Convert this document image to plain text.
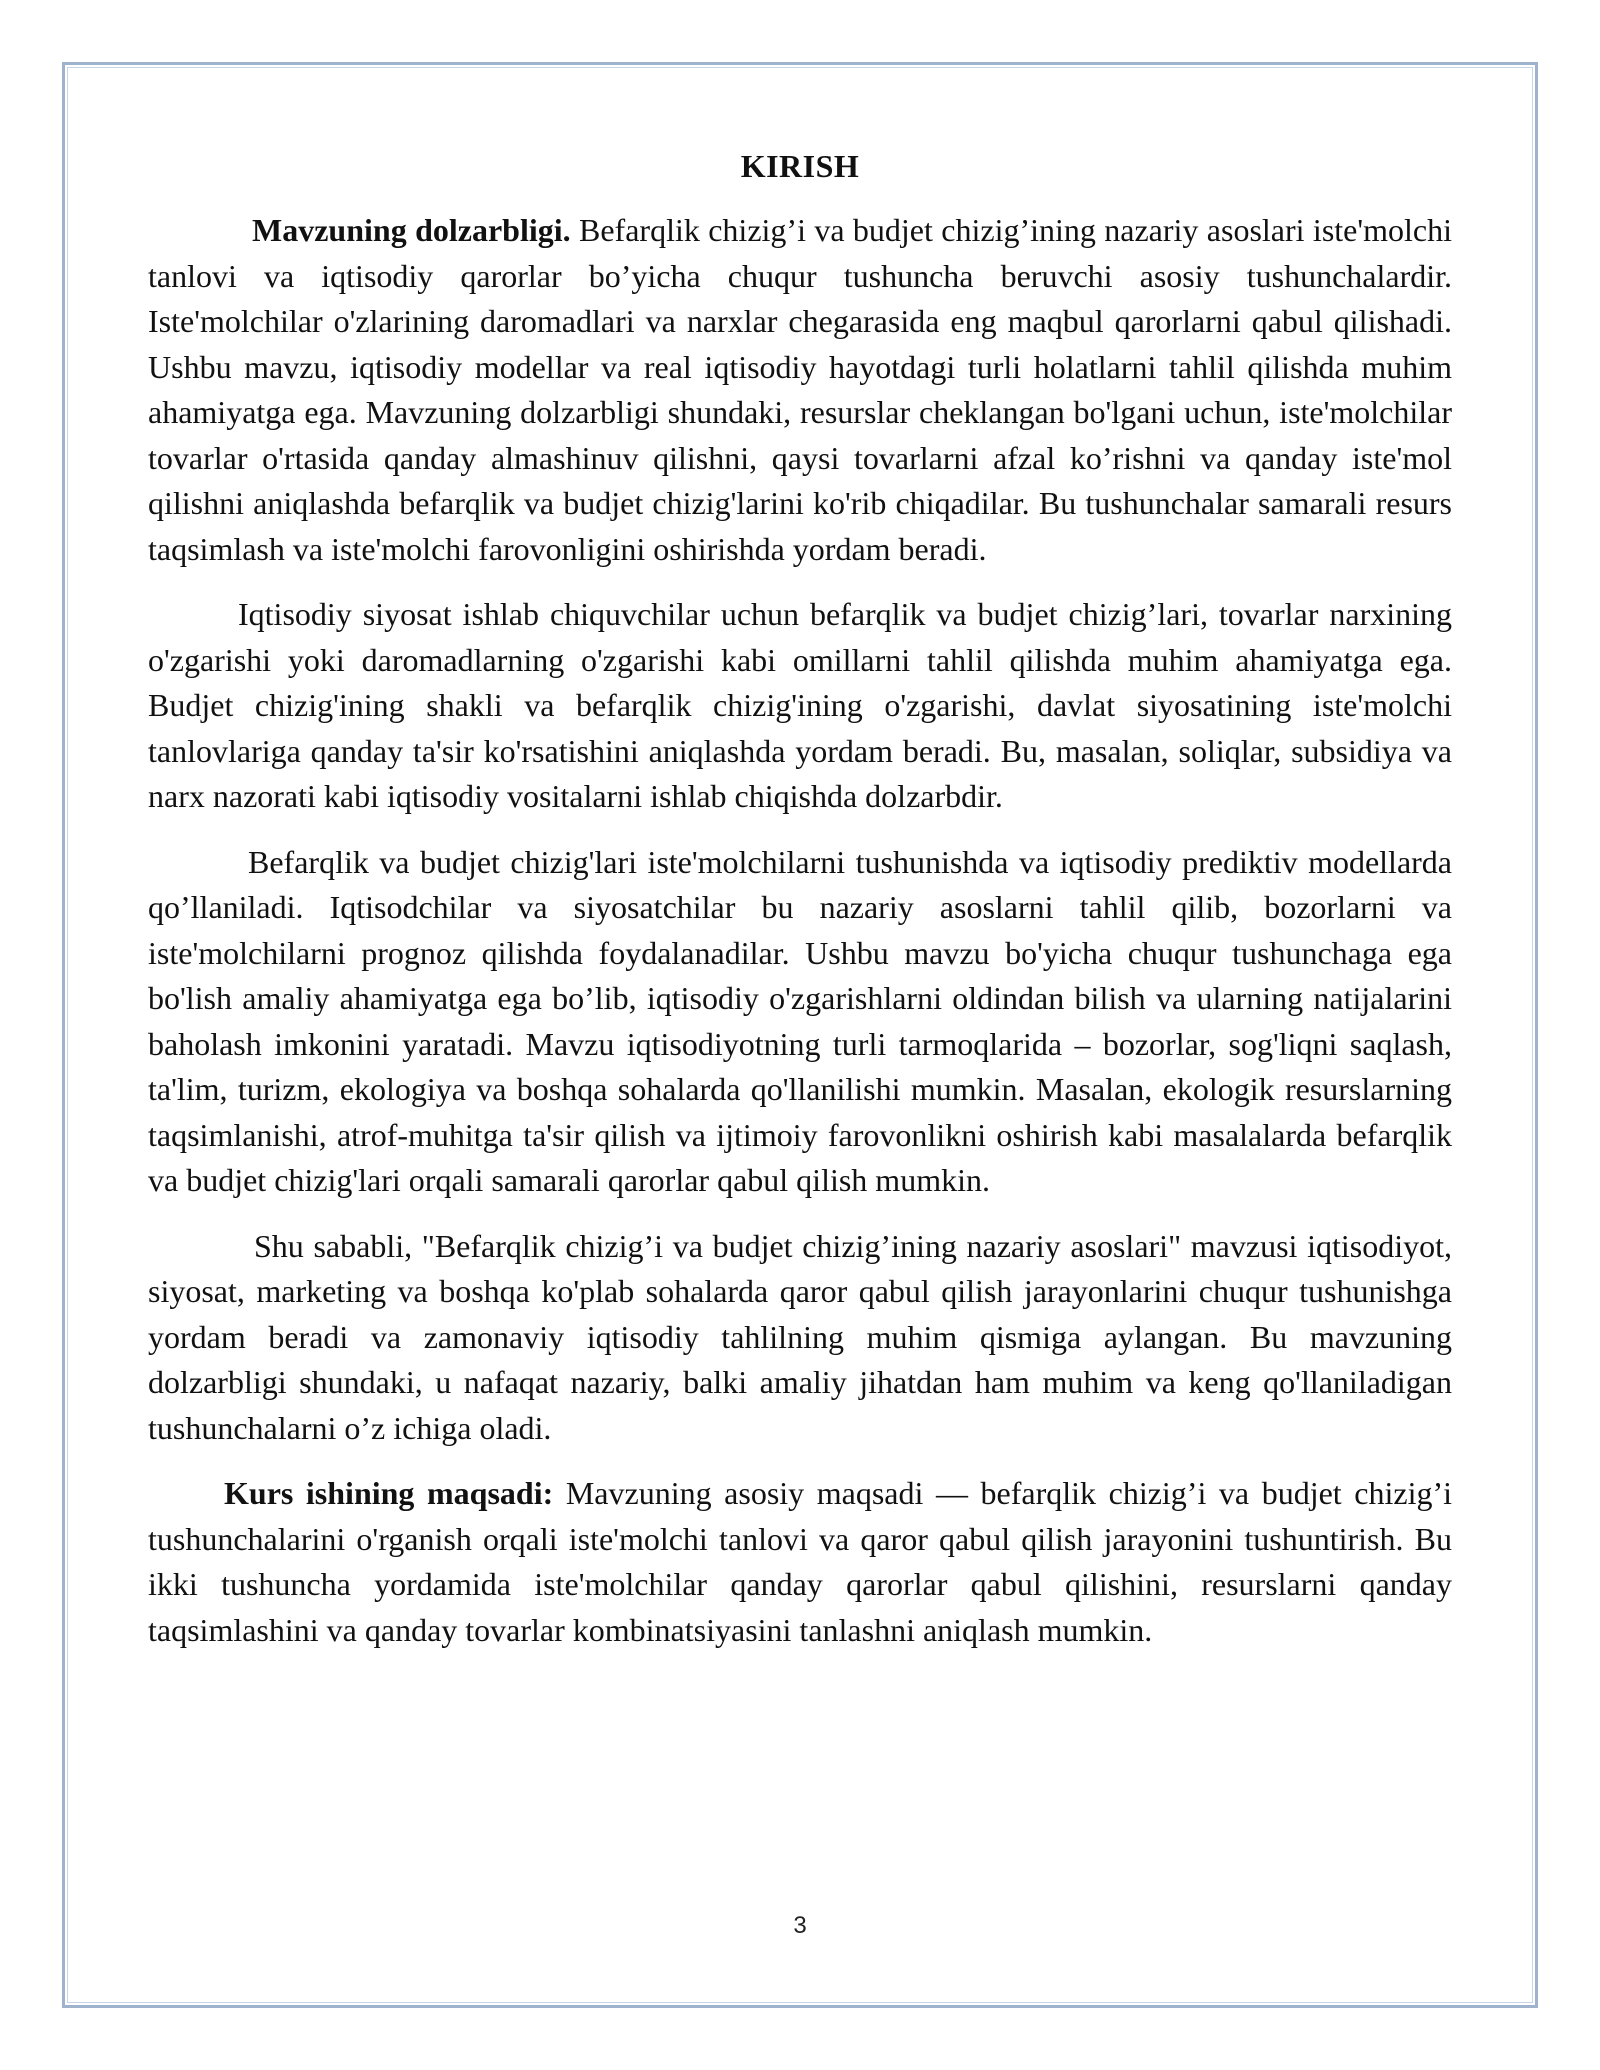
KIRISH

Mavzuning dolzarbligi. Befarqlik chizig’i va budjet chizig’ining nazariy asoslari iste'molchi tanlovi va iqtisodiy qarorlar bo’yicha chuqur tushuncha beruvchi asosiy tushunchalardir. Iste'molchilar o'zlarining daromadlari va narxlar chegarasida eng maqbul qarorlarni qabul qilishadi. Ushbu mavzu, iqtisodiy modellar va real iqtisodiy hayotdagi turli holatlarni tahlil qilishda muhim ahamiyatga ega. Mavzuning dolzarbligi shundaki, resurslar cheklangan bo'lgani uchun, iste'molchilar tovarlar o'rtasida qanday almashinuv qilishni, qaysi tovarlarni afzal ko’rishni va qanday iste'mol qilishni aniqlashda befarqlik va budjet chizig'larini ko'rib chiqadilar. Bu tushunchalar samarali resurs taqsimlash va iste'molchi farovonligini oshirishda yordam beradi.

Iqtisodiy siyosat ishlab chiquvchilar uchun befarqlik va budjet chizig’lari, tovarlar narxining o'zgarishi yoki daromadlarning o'zgarishi kabi omillarni tahlil qilishda muhim ahamiyatga ega. Budjet chizig'ining shakli va befarqlik chizig'ining o'zgarishi, davlat siyosatining iste'molchi tanlovlariga qanday ta'sir ko'rsatishini aniqlashda yordam beradi. Bu, masalan, soliqlar, subsidiya va narx nazorati kabi iqtisodiy vositalarni ishlab chiqishda dolzarbdir.

Befarqlik va budjet chizig'lari iste'molchilarni tushunishda va iqtisodiy prediktiv modellarda qo’llaniladi. Iqtisodchilar va siyosatchilar bu nazariy asoslarni tahlil qilib, bozorlarni va iste'molchilarni prognoz qilishda foydalanadilar. Ushbu mavzu bo'yicha chuqur tushunchaga ega bo'lish amaliy ahamiyatga ega bo’lib, iqtisodiy o'zgarishlarni oldindan bilish va ularning natijalarini baholash imkonini yaratadi. Mavzu iqtisodiyotning turli tarmoqlarida – bozorlar, sog'liqni saqlash, ta'lim, turizm, ekologiya va boshqa sohalarda qo'llanilishi mumkin. Masalan, ekologik resurslarning taqsimlanishi, atrof-muhitga ta'sir qilish va ijtimoiy farovonlikni oshirish kabi masalalarda befarqlik va budjet chizig'lari orqali samarali qarorlar qabul qilish mumkin.

Shu sababli, "Befarqlik chizig’i va budjet chizig’ining nazariy asoslari" mavzusi iqtisodiyot, siyosat, marketing va boshqa ko'plab sohalarda qaror qabul qilish jarayonlarini chuqur tushunishga yordam beradi va zamonaviy iqtisodiy tahlilning muhim qismiga aylangan. Bu mavzuning dolzarbligi shundaki, u nafaqat nazariy, balki amaliy jihatdan ham muhim va keng qo'llaniladigan tushunchalarni o’z ichiga oladi.

Kurs ishining maqsadi: Mavzuning asosiy maqsadi — befarqlik chizig’i va budjet chizig’i tushunchalarini o'rganish orqali iste'molchi tanlovi va qaror qabul qilish jarayonini tushuntirish. Bu ikki tushuncha yordamida iste'molchilar qanday qarorlar qabul qilishini, resurslarni qanday taqsimlashini va qanday tovarlar kombinatsiyasini tanlashni aniqlash mumkin.

3
